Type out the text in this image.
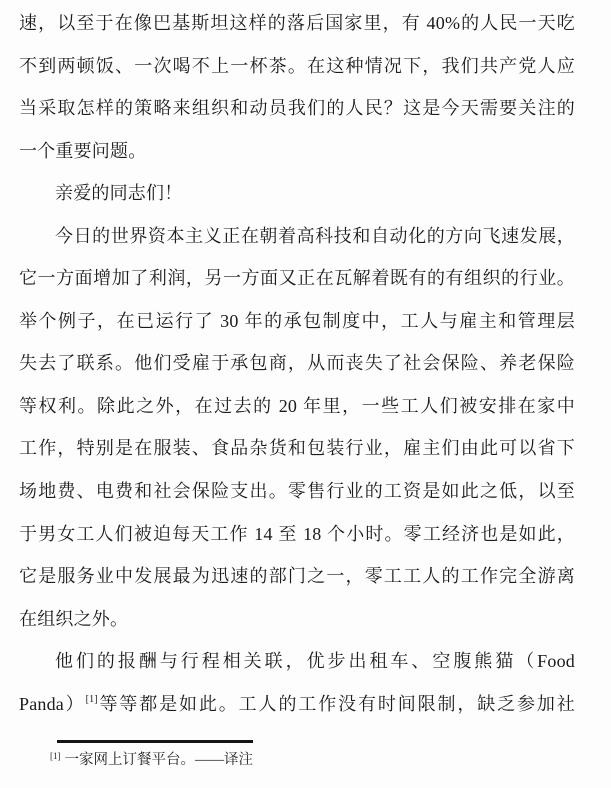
速，以至于在像巴基斯坦这样的落后国家里，有 40%的人民一天吃
不到两顿饭、一次喝不上一杯茶。在这种情况下，我们共产党人应
当采取怎样的策略来组织和动员我们的人民？这是今天需要关注的
一个重要问题。
亲爱的同志们！
今日的世界资本主义正在朝着高科技和自动化的方向飞速发展，
它一方面增加了利润，另一方面又正在瓦解着既有的有组织的行业。
举个例子，在已运行了 30 年的承包制度中，工人与雇主和管理层
失去了联系。他们受雇于承包商，从而丧失了社会保险、养老保险
等权利。除此之外，在过去的 20 年里，一些工人们被安排在家中
工作，特别是在服装、食品杂货和包装行业，雇主们由此可以省下
场地费、电费和社会保险支出。零售行业的工资是如此之低，以至
于男女工人们被迫每天工作 14 至 18 个小时。零工经济也是如此，
它是服务业中发展最为迅速的部门之一，零工工人的工作完全游离
在组织之外。
他们的报酬与行程相关联，优步出租车、空腹熊猫（Food
Panda）[1]等等都是如此。工人的工作没有时间限制，缺乏参加社
[1] 一家网上订餐平台。——译注
